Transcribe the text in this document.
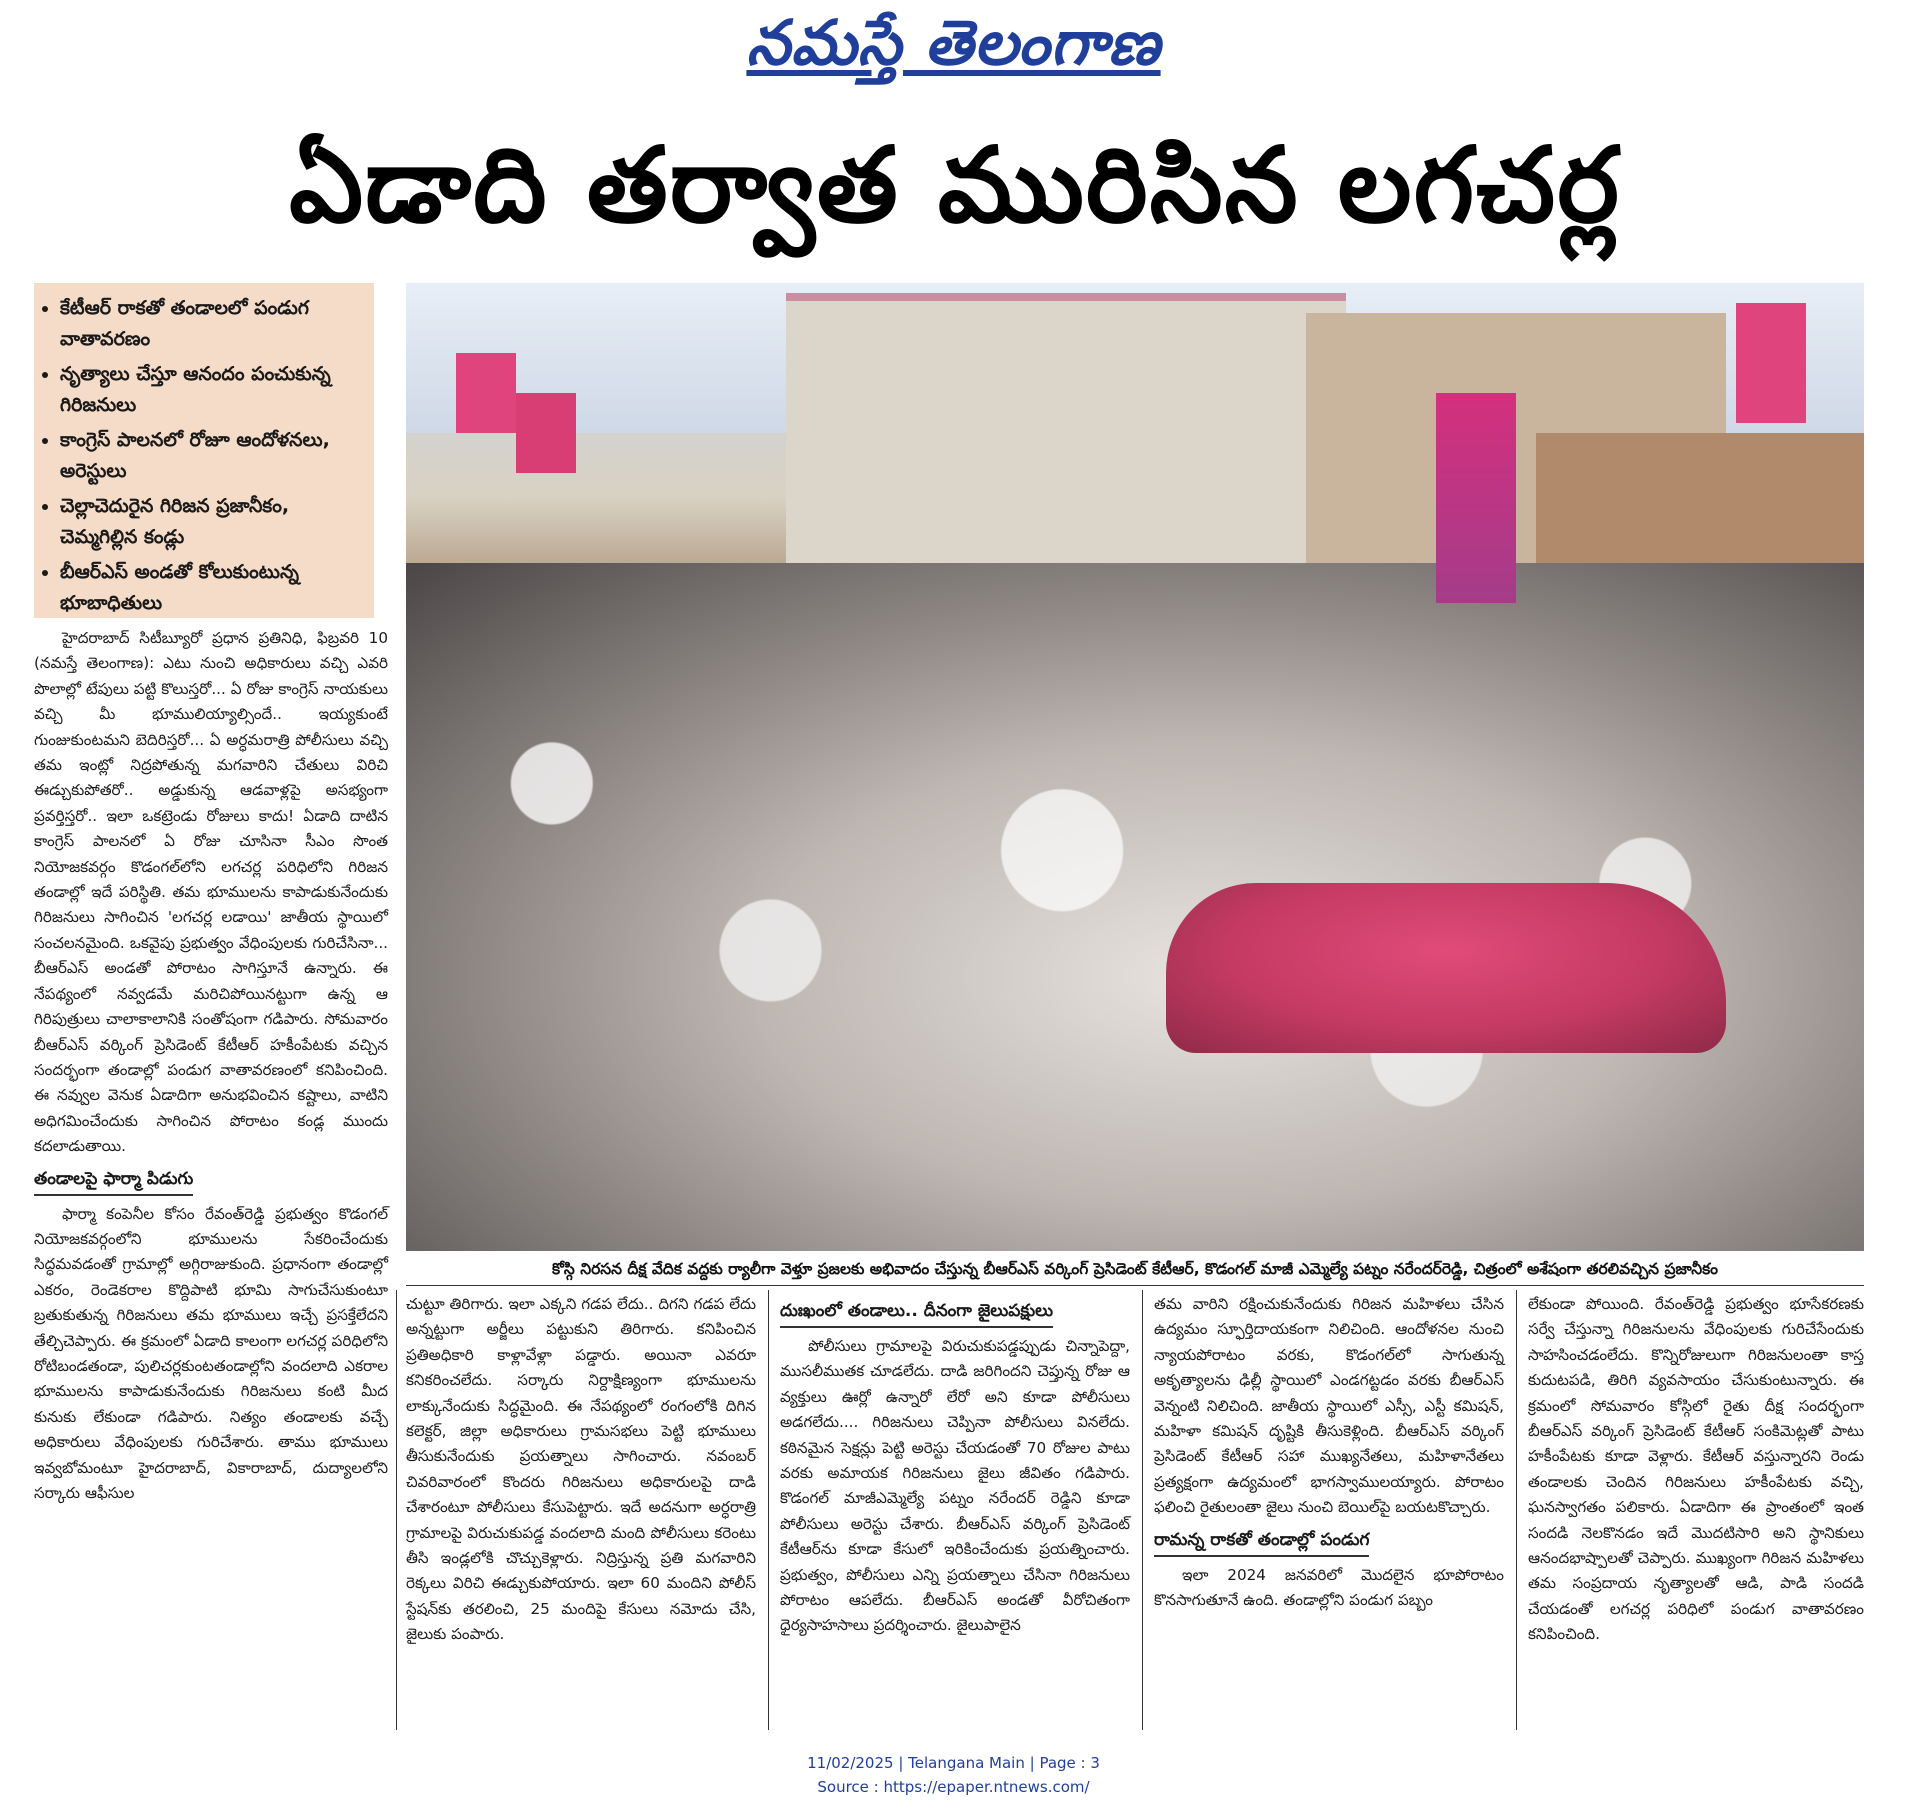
నమస్తే తెలంగాణ
ఏడాది తర్వాత మురిసిన లగచర్ల
• కేటీఆర్ రాకతో తండాలలో పండుగ వాతావరణం
• నృత్యాలు చేస్తూ ఆనందం పంచుకున్న గిరిజనులు
• కాంగ్రెస్ పాలనలో రోజూ ఆందోళనలు, అరెస్టులు
• చెల్లాచెదురైన గిరిజన ప్రజానీకం, చెమ్మగిల్లిన కండ్లు
• బీఆర్ఎస్ అండతో కోలుకుంటున్న భూబాధితులు
కోస్గి నిరసన దీక్ష వేదిక వద్దకు ర్యాలీగా వెళ్తూ ప్రజలకు అభివాదం చేస్తున్న బీఆర్ఎస్ వర్కింగ్ ప్రెసిడెంట్ కేటీఆర్, కొడంగల్ మాజీ ఎమ్మెల్యే పట్నం నరేందర్‌రెడ్డి, చిత్రంలో అశేషంగా తరలివచ్చిన ప్రజానీకం

హైదరాబాద్ సిటీబ్యూరో ప్రధాన ప్రతినిధి, ఫిబ్రవరి 10 (నమస్తే తెలంగాణ): ఎటు నుంచి అధికారులు వచ్చి ఎవరి పొలాల్లో టేపులు పట్టి కొలుస్తరో... ఏ రోజు కాంగ్రెస్ నాయకులు వచ్చి మీ భూములియ్యాల్సిందే.. ఇయ్యకుంటే గుంజుకుంటమని బెదిరిస్తరో... ఏ అర్ధమరాత్రి పోలీసులు వచ్చి తమ ఇంట్లో నిద్రపోతున్న మగవారిని చేతులు విరిచి ఈడ్చుకుపోతరో.. అడ్డుకున్న ఆడవాళ్లపై అసభ్యంగా ప్రవర్తిస్తరో.. ఇలా ఒకట్రెండు రోజులు కాదు! ఏడాది దాటిన కాంగ్రెస్ పాలనలో ఏ రోజు చూసినా సీఎం సొంత నియోజకవర్గం కొడంగల్‌లోని లగచర్ల పరిధిలోని గిరిజన తండాల్లో ఇదే పరిస్థితి. తమ భూములను కాపాడుకునేందుకు గిరిజనులు సాగించిన 'లగచర్ల లడాయి' జాతీయ స్థాయిలో సంచలనమైంది. ఒకవైపు ప్రభుత్వం వేధింపులకు గురిచేసినా... బీఆర్ఎస్ అండతో పోరాటం సాగిస్తూనే ఉన్నారు. ఈ నేపథ్యంలో నవ్వడమే మరిచిపోయినట్టుగా ఉన్న ఆ గిరిపుత్రులు చాలాకాలానికి సంతోషంగా గడిపారు. సోమవారం బీఆర్ఎస్ వర్కింగ్ ప్రెసిడెంట్ కేటీఆర్ హకీంపేటకు వచ్చిన సందర్భంగా తండాల్లో పండుగ వాతావరణంలో కనిపించింది. ఈ నవ్వుల వెనుక ఏడాదిగా అనుభవించిన కష్టాలు, వాటిని అధిగమించేందుకు సాగించిన పోరాటం కండ్ల ముందు కదలాడుతాయి.

తండాలపై ఫార్మా పిడుగు

ఫార్మా కంపెనీల కోసం రేవంత్‌రెడ్డి ప్రభుత్వం కొడంగల్ నియోజకవర్గంలోని భూములను సేకరించేందుకు సిద్ధమవడంతో గ్రామాల్లో అగ్గిరాజుకుంది. ప్రధానంగా తండాల్లో ఎకరం, రెండెకరాల కొద్దిపాటి భూమి సాగుచేసుకుంటూ బ్రతుకుతున్న గిరిజనులు తమ భూములు ఇచ్చే ప్రసక్తేలేదని తేల్చిచెప్పారు. ఈ క్రమంలో ఏడాది కాలంగా లగచర్ల పరిధిలోని రోటిబండతండా, పులిచర్లకుంటతండాల్లోని వందలాది ఎకరాల భూములను కాపాడుకునేందుకు గిరిజనులు కంటి మీద కునుకు లేకుండా గడిపారు. నిత్యం తండాలకు వచ్చే అధికారులు వేధింపులకు గురిచేశారు. తాము భూములు ఇవ్వబోమంటూ హైదరాబాద్, వికారాబాద్, దుద్యాలలోని సర్కారు ఆఫీసుల

చుట్టూ తిరిగారు. ఇలా ఎక్కని గడప లేదు.. దిగని గడప లేదు అన్నట్టుగా అర్జీలు పట్టుకుని తిరిగారు. కనిపించిన ప్రతిఅధికారి కాళ్లావేళ్లా పడ్డారు. అయినా ఎవరూ కనికరించలేదు. సర్కారు నిర్దాక్షిణ్యంగా భూములను లాక్కునేందుకు సిద్ధమైంది. ఈ నేపథ్యంలో రంగంలోకి దిగిన కలెక్టర్, జిల్లా అధికారులు గ్రామసభలు పెట్టి భూములు తీసుకునేందుకు ప్రయత్నాలు సాగించారు. నవంబర్ చివరివారంలో కొందరు గిరిజనులు అధికారులపై దాడి చేశారంటూ పోలీసులు కేసుపెట్టారు. ఇదే అదనుగా అర్ధరాత్రి గ్రామాలపై విరుచుకుపడ్డ వందలాది మంది పోలీసులు కరెంటు తీసి ఇండ్లలోకి చొచ్చుకెళ్లారు. నిద్రిస్తున్న ప్రతి మగవారిని రెక్కలు విరిచి ఈడ్చుకుపోయారు. ఇలా 60 మందిని పోలీస్ స్టేషన్‌కు తరలించి, 25 మందిపై కేసులు నమోదు చేసి, జైలుకు పంపారు.

దుఃఖంలో తండాలు.. దీనంగా జైలుపక్షులు

పోలీసులు గ్రామాలపై విరుచుకుపడ్డప్పుడు చిన్నాపెద్దా, ముసలీముతక చూడలేదు. దాడి జరిగిందని చెప్తున్న రోజు ఆ వ్యక్తులు ఊర్లో ఉన్నారో లేరో అని కూడా పోలీసులు అడగలేదు.... గిరిజనులు చెప్పినా పోలీసులు వినలేదు. కఠినమైన సెక్షన్లు పెట్టి అరెస్టు చేయడంతో 70 రోజుల పాటు వరకు అమాయక గిరిజనులు జైలు జీవితం గడిపారు. కొడంగల్ మాజీఎమ్మెల్యే పట్నం నరేందర్ రెడ్డిని కూడా పోలీసులు అరెస్టు చేశారు. బీఆర్ఎస్ వర్కింగ్ ప్రెసిడెంట్ కేటీఆర్‌ను కూడా కేసులో ఇరికించేందుకు ప్రయత్నించారు. ప్రభుత్వం, పోలీసులు ఎన్ని ప్రయత్నాలు చేసినా గిరిజనులు పోరాటం ఆపలేదు. బీఆర్ఎస్ అండతో వీరోచితంగా ధైర్యసాహసాలు ప్రదర్శించారు. జైలుపాలైన

తమ వారిని రక్షించుకునేందుకు గిరిజన మహిళలు చేసిన ఉద్యమం స్ఫూర్తిదాయకంగా నిలిచింది. ఆందోళనల నుంచి న్యాయపోరాటం వరకు, కొడంగల్‌లో సాగుతున్న అకృత్యాలను ఢిల్లీ స్థాయిలో ఎండగట్టడం వరకు బీఆర్ఎస్ వెన్నంటి నిలిచింది. జాతీయ స్థాయిలో ఎస్సీ, ఎస్టీ కమిషన్, మహిళా కమిషన్ దృష్టికి తీసుకెళ్లింది. బీఆర్ఎస్ వర్కింగ్ ప్రెసిడెంట్ కేటీఆర్ సహా ముఖ్యనేతలు, మహిళానేతలు ప్రత్యక్షంగా ఉద్యమంలో భాగస్వాములయ్యారు. పోరాటం ఫలించి రైతులంతా జైలు నుంచి బెయిల్‌పై బయటకొచ్చారు.

రామన్న రాకతో తండాల్లో పండుగ

ఇలా 2024 జనవరిలో మొదలైన భూపోరాటం కొనసాగుతూనే ఉంది. తండాల్లోని పండుగ పబ్బం

లేకుండా పోయింది. రేవంత్‌రెడ్డి ప్రభుత్వం భూసేకరణకు సర్వే చేస్తున్నా గిరిజనులను వేధింపులకు గురిచేసేందుకు సాహసించడంలేదు. కొన్నిరోజులుగా గిరిజనులంతా కాస్త కుదుటపడి, తిరిగి వ్యవసాయం చేసుకుంటున్నారు. ఈ క్రమంలో సోమవారం కోస్గిలో రైతు దీక్ష సందర్భంగా బీఆర్ఎస్ వర్కింగ్ ప్రెసిడెంట్ కేటీఆర్ సంకిమెట్లతో పాటు హకీంపేటకు కూడా వెళ్లారు. కేటీఆర్ వస్తున్నారని రెండు తండాలకు చెందిన గిరిజనులు హకీంపేటకు వచ్చి, ఘనస్వాగతం పలికారు. ఏడాదిగా ఈ ప్రాంతంలో ఇంత సందడి నెలకొనడం ఇదే మొదటిసారి అని స్థానికులు ఆనందభాష్పాలతో చెప్పారు. ముఖ్యంగా గిరిజన మహిళలు తమ సంప్రదాయ నృత్యాలతో ఆడి, పాడి సందడి చేయడంతో లగచర్ల పరిధిలో పండుగ వాతావరణం కనిపించింది.

11/02/2025 | Telangana Main | Page : 3
Source : https://epaper.ntnews.com/
